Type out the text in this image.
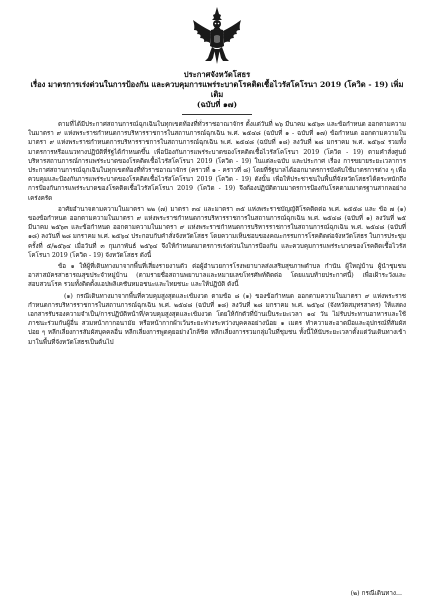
ประกาศจังหวัดโสธร

เรื่อง มาตรการเร่งด่วนในการป้องกัน และควบคุมการแพร่ระบาดโรคติดเชื้อไวรัสโคโรนา 2019 (โควิด - 19) เพิ่มเติม

(ฉบับที่ ๑๗)

ตามที่ได้มีประกาศสถานการณ์ฉุกเฉินในทุกเขตท้องที่ทั่วราชอาณาจักร ตั้งแต่วันที่ ๒๖ มีนาคม ๒๕๖๓ และข้อกำหนด ออกตามความในมาตรา ๙ แห่งพระราชกำหนดการบริหารราชการในสถานการณ์ฉุกเฉิน พ.ศ. ๒๕๔๘ (ฉบับที่ ๑ - ฉบับที่ ๑๗) ข้อกำหนด ออกตามความในมาตรา ๙ แห่งพระราชกำหนดการบริหารราชการในสถานการณ์ฉุกเฉิน พ.ศ. ๒๕๔๘ (ฉบับที่ ๑๘) ลงวันที่ ๒๘ มกราคม พ.ศ. ๒๕๖๔ รวมทั้งมาตรการหรือแนวทางปฏิบัติที่รัฐได้กำหนดขึ้น เพื่อป้องกันการแพร่ระบาดของโรคติดเชื้อไวรัสโคโรนา 2019 (โควิด - 19) ตามคำสั่งศูนย์บริหารสถานการณ์การแพร่ระบาดของโรคติดเชื้อไวรัสโคโรนา 2019 (โควิด - 19) ในแต่ละฉบับ และประกาศ เรื่อง การขยายระยะเวลาการประกาศสถานการณ์ฉุกเฉินในทุกเขตท้องที่ทั่วราชอาณาจักร (คราวที่ ๑ - คราวที่ ๘) โดยที่รัฐบาลได้ออกมาตรการบังคับใช้มาตรการต่าง ๆ เพื่อควบคุมและป้องกันการแพร่ระบาดของโรคติดเชื้อไวรัสโคโรนา 2019 (โควิด - 19) ดังนั้น เพื่อให้ประชาชนในพื้นที่จังหวัดโสธรได้ตระหนักถึงการป้องกันการแพร่ระบาดของโรคติดเชื้อไวรัสโคโรนา 2019 (โควิด - 19) จึงต้องปฏิบัติตามมาตรการป้องกันโรคตามมาตรฐานสากลอย่างเคร่งครัด

อาศัยอำนาจตามความในมาตรา ๒๒ (๗) มาตรา ๓๔ และมาตรา ๓๕ แห่งพระราชบัญญัติโรคติดต่อ พ.ศ. ๒๕๕๘ และ ข้อ ๗ (๑) ของข้อกำหนด ออกตามความในมาตรา ๙ แห่งพระราชกำหนดการบริหารราชการในสถานการณ์ฉุกเฉิน พ.ศ. ๒๕๔๘ (ฉบับที่ ๑) ลงวันที่ ๒๕ มีนาคม ๒๕๖๓ และข้อกำหนด ออกตามความในมาตรา ๙ แห่งพระราชกำหนดการบริหารราชการในสถานการณ์ฉุกเฉิน พ.ศ. ๒๕๔๘ (ฉบับที่ ๑๘) ลงวันที่ ๒๘ มกราคม พ.ศ. ๒๕๖๔ ประกอบกับคำสั่งจังหวัดโสธร โดยความเห็นชอบของคณะกรรมการโรคติดต่อจังหวัดโสธร ในการประชุมครั้งที่ ๕/๒๕๖๔ เมื่อวันที่ ๓ กุมภาพันธ์ ๒๕๖๔ จึงให้กำหนดมาตรการเร่งด่วนในการป้องกัน และควบคุมการแพร่ระบาดของโรคติดเชื้อไวรัสโคโรนา 2019 (โควิด - 19) จังหวัดโสธร ดังนี้

ข้อ ๑ ให้ผู้ที่เดินทางมาจากพื้นที่เสี่ยงรายงานตัว ต่อผู้อำนวยการโรงพยาบาลส่งเสริมสุขภาพตำบล กำนัน ผู้ใหญ่บ้าน ผู้นำชุมชน อาสาสมัครสาธารณสุขประจำหมู่บ้าน (ตามรายชื่อสถานพยาบาลและหมายเลขโทรศัพท์ติดต่อ โดยแนบท้ายประกาศนี้) เพื่อเฝ้าระวังและสอบสวนโรค รวมทั้งติดตั้งแอปพลิเคชันหมอชนะและไทยชนะ และให้ปฏิบัติ ดังนี้

(๑) กรณีเดินทางมาจากพื้นที่ควบคุมสูงสุดและเข้มงวด ตามข้อ ๘ (๑) ของข้อกำหนด ออกตามความในมาตรา ๙ แห่งพระราชกำหนดการบริหารราชการในสถานการณ์ฉุกเฉิน พ.ศ. ๒๕๔๘ (ฉบับที่ ๑๘) ลงวันที่ ๒๘ มกราคม พ.ศ. ๒๕๖๔ (จังหวัดสมุทรสาคร) ให้แสดงเอกสารรับรองความจำเป็น/การปฏิบัติหน้าที่/ควบคุมสูงสุดและเข้มงวด โดยให้กักตัวที่บ้านเป็นระยะเวลา ๑๔ วัน ไม่รับประทานอาหารและใช้ภาชนะร่วมกันผู้อื่น สวมหน้ากากอนามัย หรือหน้ากากผ้าเว้นระยะห่างระหว่างบุคคลอย่างน้อย ๑ เมตร ทำความสะอาดมือและอุปกรณ์ที่สัมผัสบ่อย ๆ หลีกเลี่ยงการสัมผัสบุคคลอื่น หลีกเลี่ยงการพูดคุยอย่างใกล้ชิด หลีกเลี่ยงการรวมกลุ่มในที่ชุมชน ทั้งนี้ให้นับระยะเวลาตั้งแต่วันเดินทางเข้ามาในพื้นที่จังหวัดโสธรเป็นต้นไป

(๒) กรณีเดินทาง...
